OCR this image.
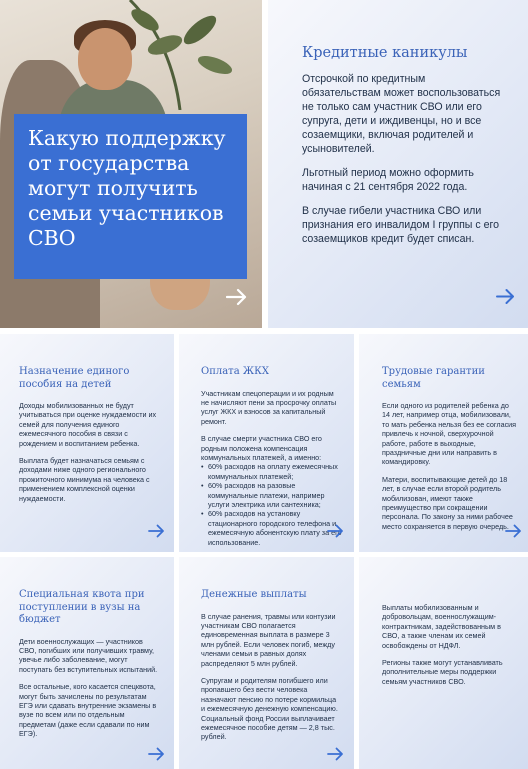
Какую поддержку от государства могут получить семьи участников СВО
Кредитные каникулы

Отсрочкой по кредитным обязательствам может воспользоваться не только сам участник СВО или его супруга, дети и иждивенцы, но и все созаемщики, включая родителей и усыновителей.

Льготный период можно оформить начиная с 21 сентября 2022 года.

В случае гибели участника СВО или признания его инвалидом I группы с его созаемщиков кредит будет списан.

Назначение единого пособия на детей

Доходы мобилизованных не будут учитываться при оценке нуждаемости их семей для получения единого ежемесячного пособия в связи с рождением и воспитанием ребенка.

Выплата будет назначаться семьям с доходами ниже одного регионального прожиточного минимума на человека с применением комплексной оценки нуждаемости.

Оплата ЖКХ

Участникам спецоперации и их родным не начисляют пени за просрочку оплаты услуг ЖКХ и взносов за капитальный ремонт.

В случае смерти участника СВО его родным положена компенсация коммунальных платежей, а именно:

• 60% расходов на оплату ежемесячных коммунальных платежей;
• 60% расходов на разовые коммунальные платежи, например услуги электрика или сантехника;
• 60% расходов на установку стационарного городского телефона и ежемесячную абонентскую плату за его использование.
Трудовые гарантии семьям

Если одного из родителей ребенка до 14 лет, например отца, мобилизовали, то мать ребенка нельзя без ее согласия привлечь к ночной, сверхурочной работе, работе в выходные, праздничные дни или направить в командировку.

Матери, воспитывающие детей до 18 лет, в случае если второй родитель мобилизован, имеют также преимущество при сокращении персонала. По закону за ними рабочее место сохраняется в первую очередь.

Специальная квота при поступлении в вузы на бюджет

Дети военнослужащих — участников СВО, погибших или получивших травму, увечье либо заболевание, могут поступать без вступительных испытаний.

Все остальные, кого касается спецквота, могут быть зачислены по результатам ЕГЭ или сдавать внутренние экзамены в вузе по всем или по отдельным предметам (даже если сдавали по ним ЕГЭ).

Денежные выплаты

В случае ранения, травмы или контузии участникам СВО полагается единовременная выплата в размере 3 млн рублей. Если человек погиб, между членами семьи в равных долях распределяют 5 млн рублей.

Супругам и родителям погибшего или пропавшего без вести человека назначают пенсию по потере кормильца и ежемесячную денежную компенсацию. Социальный фонд России выплачивает ежемесячное пособие детям — 2,8 тыс. рублей.

Выплаты мобилизованным и добровольцам, военнослужащим-контрактникам, задействованным в СВО, а также членам их семей освобождены от НДФЛ.

Регионы также могут устанавливать дополнительные меры поддержки семьям участников СВО.
